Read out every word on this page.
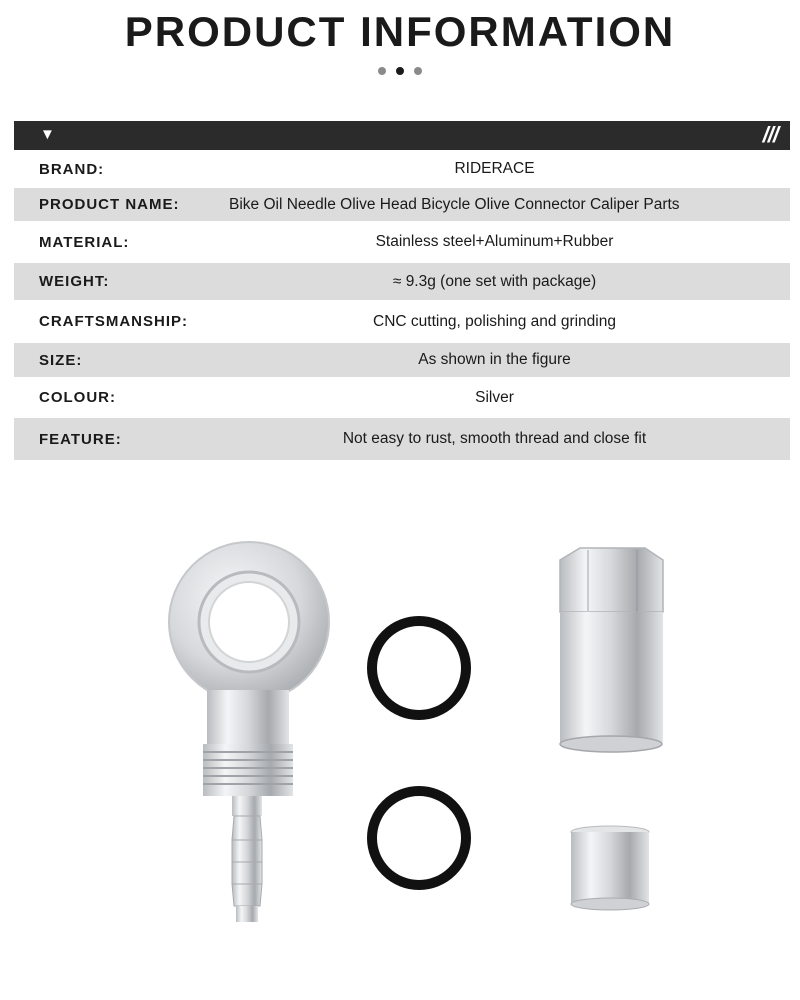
PRODUCT INFORMATION

▼	///
BRAND:	RIDERACE
PRODUCT NAME:	Bike Oil Needle Olive Head Bicycle Olive Connector Caliper Parts
MATERIAL:	Stainless steel+Aluminum+Rubber
WEIGHT:	≈ 9.3g (one set with package)
CRAFTSMANSHIP:	CNC cutting, polishing and grinding
SIZE:	As shown in the figure
COLOUR:	Silver
FEATURE:	Not easy to rust, smooth thread and close fit
